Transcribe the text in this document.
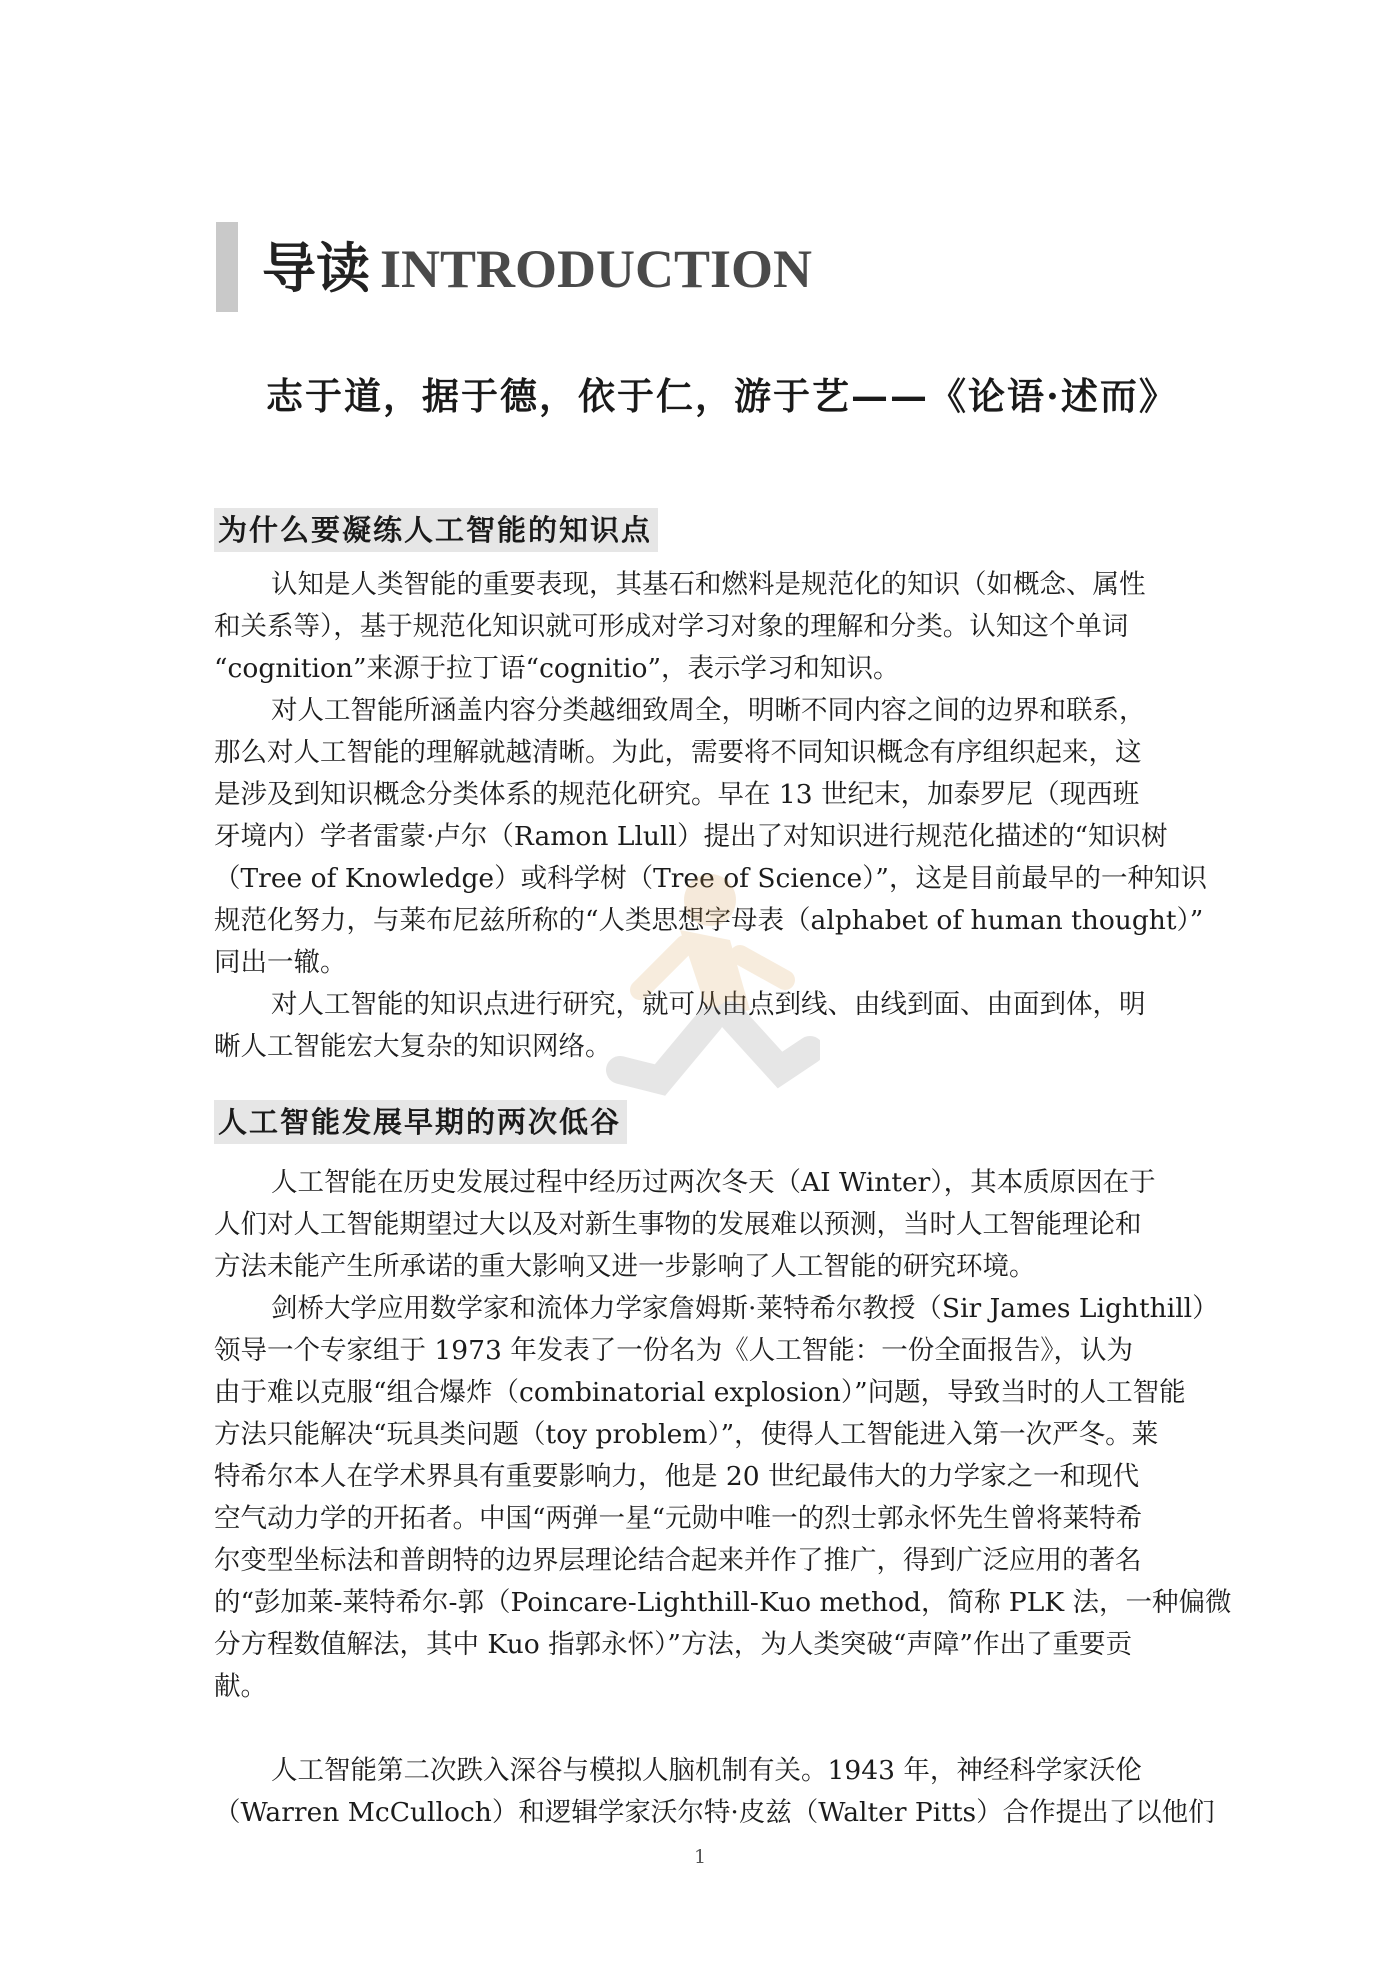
导读 INTRODUCTION

志于道，据于德，依于仁，游于艺——《论语·述而》

为什么要凝练人工智能的知识点

认知是人类智能的重要表现，其基石和燃料是规范化的知识（如概念、属性
和关系等），基于规范化知识就可形成对学习对象的理解和分类。认知这个单词
“cognition”来源于拉丁语“cognitio”，表示学习和知识。

对人工智能所涵盖内容分类越细致周全，明晰不同内容之间的边界和联系，
那么对人工智能的理解就越清晰。为此，需要将不同知识概念有序组织起来，这
是涉及到知识概念分类体系的规范化研究。早在 13 世纪末，加泰罗尼（现西班
牙境内）学者雷蒙·卢尔（Ramon Llull）提出了对知识进行规范化描述的“知识树
（Tree of Knowledge）或科学树（Tree of Science）”，这是目前最早的一种知识
规范化努力，与莱布尼兹所称的“人类思想字母表（alphabet of human thought）”
同出一辙。

对人工智能的知识点进行研究，就可从由点到线、由线到面、由面到体，明
晰人工智能宏大复杂的知识网络。

人工智能发展早期的两次低谷

人工智能在历史发展过程中经历过两次冬天（AI Winter），其本质原因在于
人们对人工智能期望过大以及对新生事物的发展难以预测，当时人工智能理论和
方法未能产生所承诺的重大影响又进一步影响了人工智能的研究环境。

剑桥大学应用数学家和流体力学家詹姆斯·莱特希尔教授（Sir James Lighthill）
领导一个专家组于 1973 年发表了一份名为《人工智能：一份全面报告》，认为
由于难以克服“组合爆炸（combinatorial explosion）”问题，导致当时的人工智能
方法只能解决“玩具类问题（toy problem）”，使得人工智能进入第一次严冬。莱
特希尔本人在学术界具有重要影响力，他是 20 世纪最伟大的力学家之一和现代
空气动力学的开拓者。中国“两弹一星“元勋中唯一的烈士郭永怀先生曾将莱特希
尔变型坐标法和普朗特的边界层理论结合起来并作了推广，得到广泛应用的著名
的“彭加莱-莱特希尔-郭（Poincare-Lighthill-Kuo method，简称 PLK 法，一种偏微
分方程数值解法，其中 Kuo 指郭永怀）”方法，为人类突破“声障”作出了重要贡
献。

人工智能第二次跌入深谷与模拟人脑机制有关。1943 年，神经科学家沃伦
（Warren McCulloch）和逻辑学家沃尔特·皮兹（Walter Pitts）合作提出了以他们

1
